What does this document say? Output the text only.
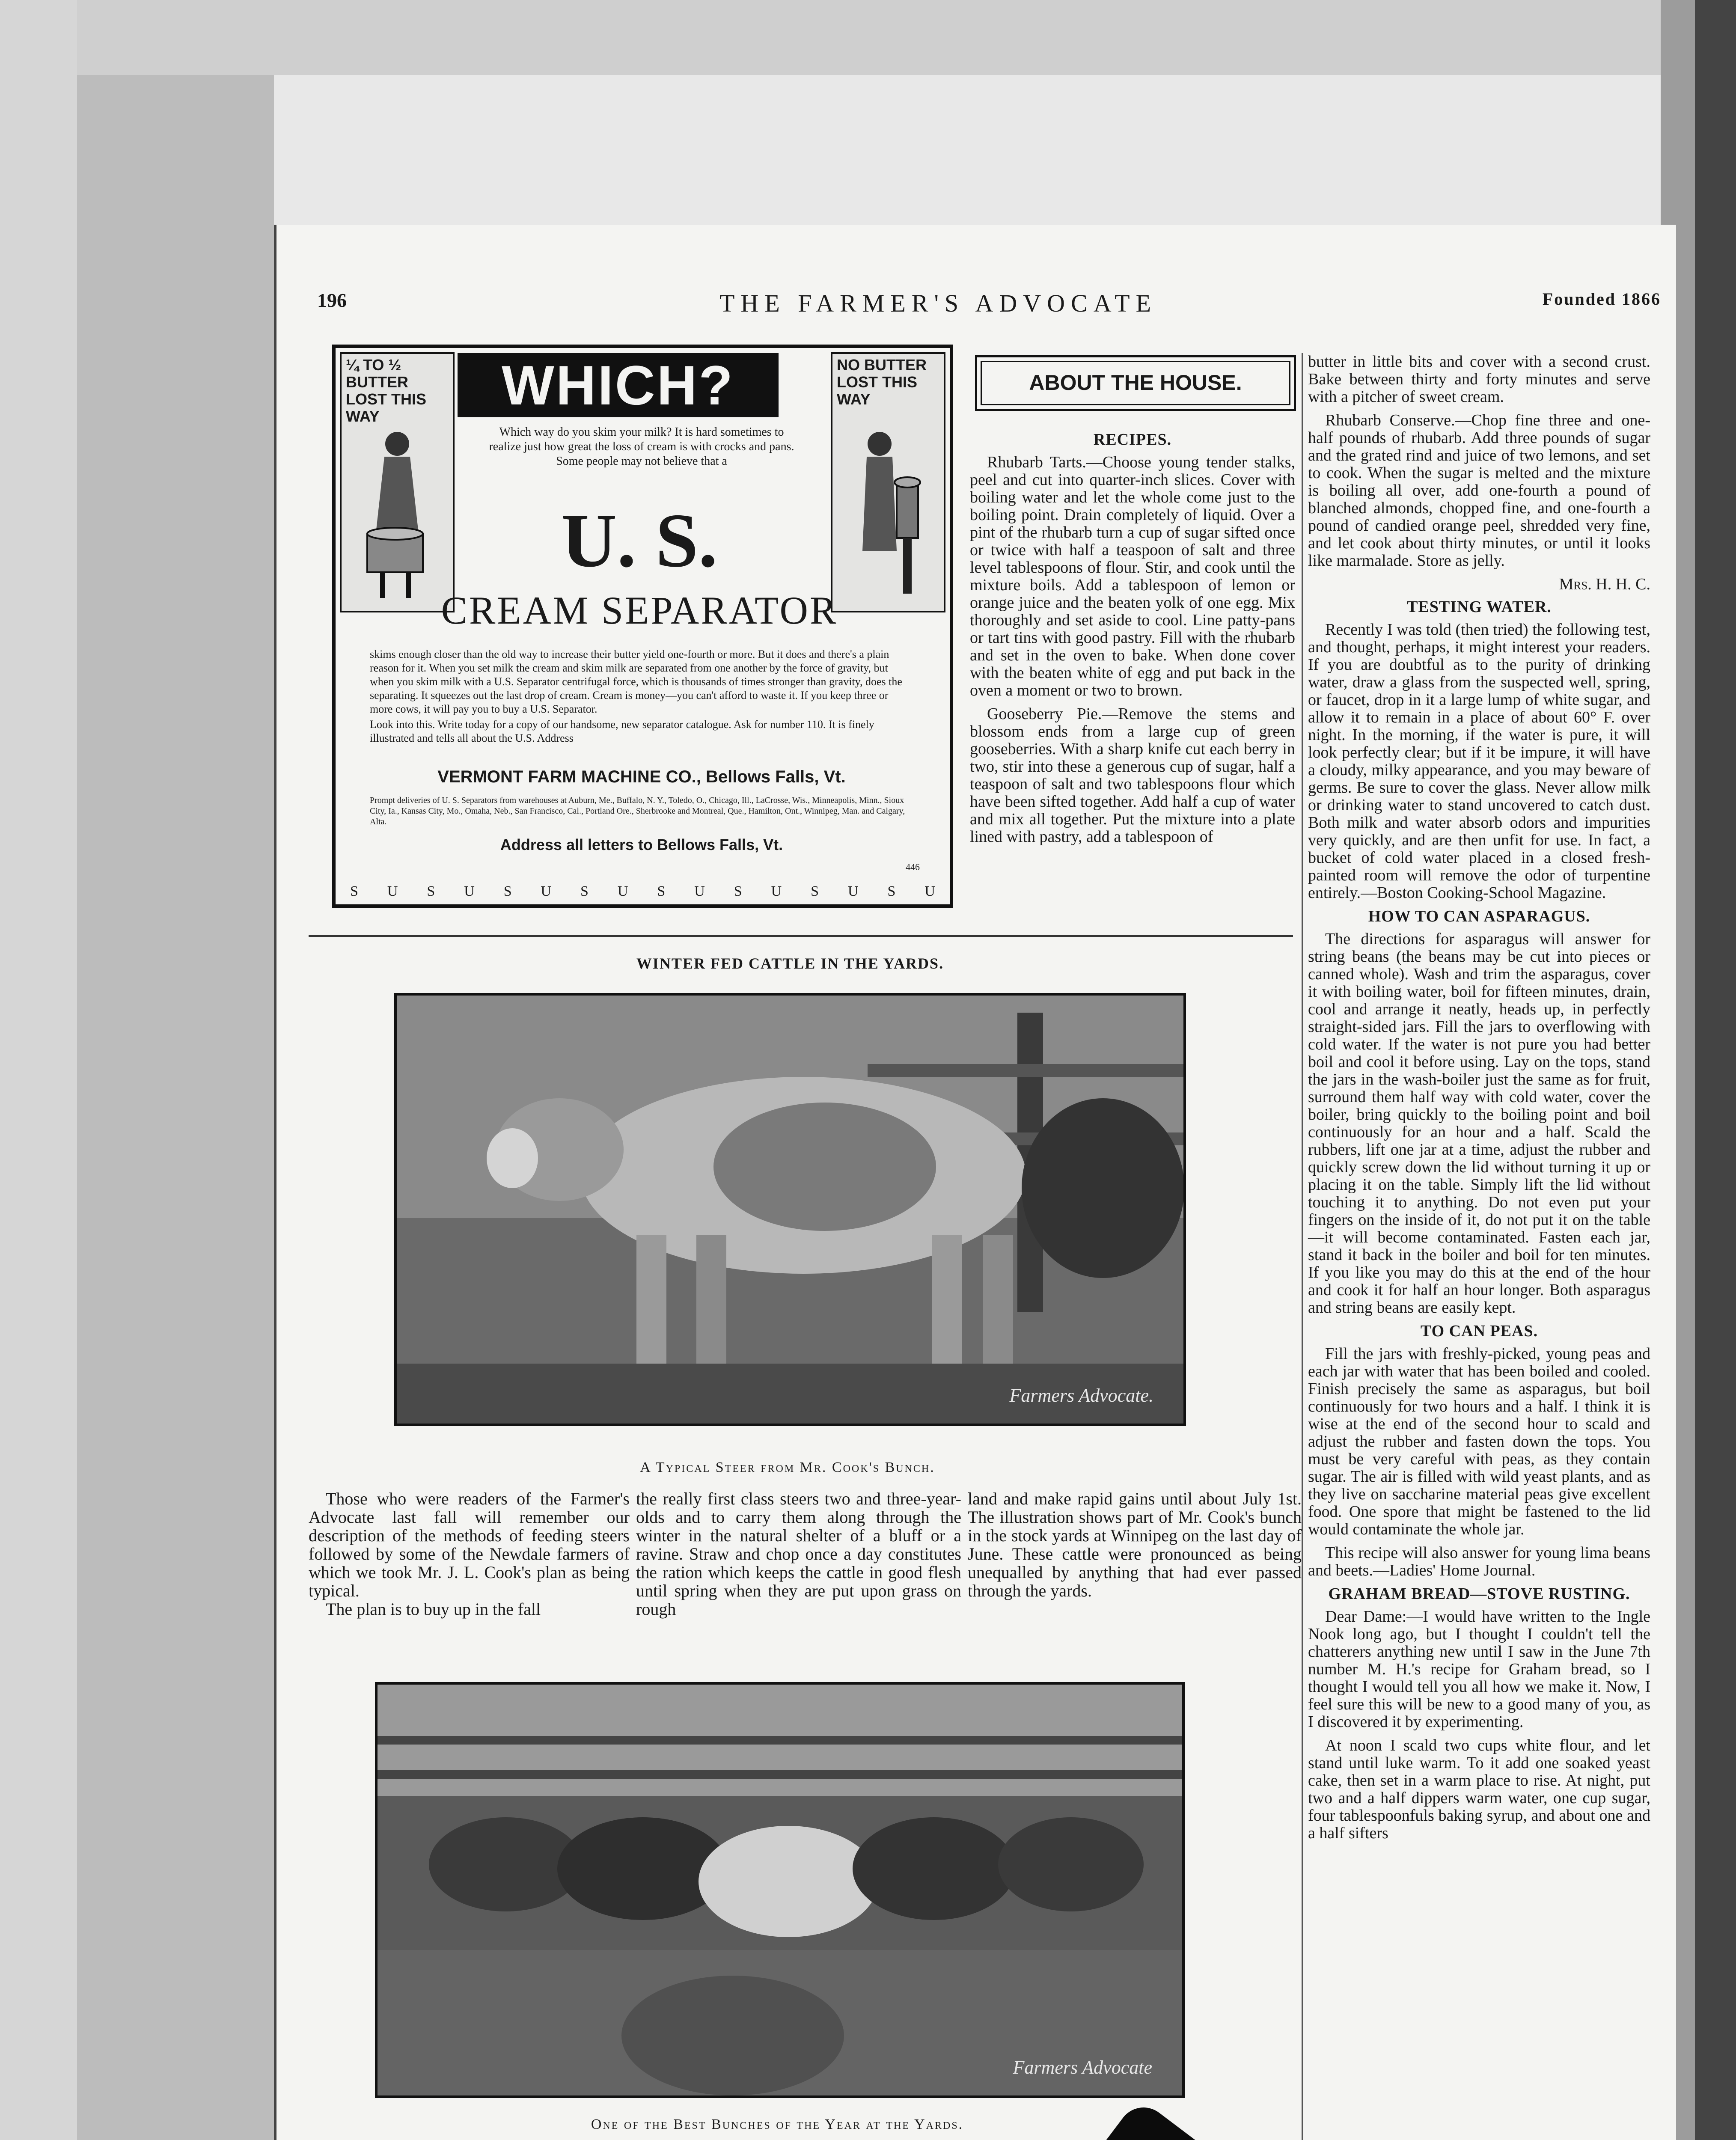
196	THE FARMER'S ADVOCATE	Founded 1866
¼ TO ½ BUTTER LOST THIS WAY	WHICH?	NO BUTTER LOST THIS WAY
Which way do you skim your milk? It is hard sometimes to realize just how great the loss of cream is with crocks and pans. Some people may not believe that a
U. S.
CREAM SEPARATOR

skims enough closer than the old way to increase their butter yield one-fourth or more. But it does and there's a plain reason for it. When you set milk the cream and skim milk are separated from one another by the force of gravity, but when you skim milk with a U.S. Separator centrifugal force, which is thousands of times stronger than gravity, does the separating. It squeezes out the last drop of cream. Cream is money—you can't afford to waste it. If you keep three or more cows, it will pay you to buy a U.S. Separator.

Look into this. Write today for a copy of our handsome, new separator catalogue. Ask for number 110. It is finely illustrated and tells all about the U.S. Address

VERMONT FARM MACHINE CO., Bellows Falls, Vt.
Prompt deliveries of U. S. Separators from warehouses at Auburn, Me., Buffalo, N. Y., Toledo, O., Chicago, Ill., LaCrosse, Wis., Minneapolis, Minn., Sioux City, Ia., Kansas City, Mo., Omaha, Neb., San Francisco, Cal., Portland Ore., Sherbrooke and Montreal, Que., Hamilton, Ont., Winnipeg, Man. and Calgary, Alta.
Address all letters to Bellows Falls, Vt.
446
S U S U S U S U S U S U S U S U
ABOUT THE HOUSE.
RECIPES.

Rhubarb Tarts.—Choose young tender stalks, peel and cut into quarter-inch slices. Cover with boiling water and let the whole come just to the boiling point. Drain completely of liquid. Over a pint of the rhubarb turn a cup of sugar sifted once or twice with half a teaspoon of salt and three level tablespoons of flour. Stir, and cook until the mixture boils. Add a tablespoon of lemon or orange juice and the beaten yolk of one egg. Mix thoroughly and set aside to cool. Line patty-pans or tart tins with good pastry. Fill with the rhubarb and set in the oven to bake. When done cover with the beaten white of egg and put back in the oven a moment or two to brown.

Gooseberry Pie.—Remove the stems and blossom ends from a large cup of green gooseberries. With a sharp knife cut each berry in two, stir into these a generous cup of sugar, half a teaspoon of salt and two tablespoons flour which have been sifted together. Add half a cup of water and mix all together. Put the mixture into a plate lined with pastry, add a tablespoon of

butter in little bits and cover with a second crust. Bake between thirty and forty minutes and serve with a pitcher of sweet cream.

Rhubarb Conserve.—Chop fine three and one-half pounds of rhubarb. Add three pounds of sugar and the grated rind and juice of two lemons, and set to cook. When the sugar is melted and the mixture is boiling all over, add one-fourth a pound of blanched almonds, chopped fine, and one-fourth a pound of candied orange peel, shredded very fine, and let cook about thirty minutes, or until it looks like marmalade. Store as jelly.

Mrs. H. H. C.
TESTING WATER.

Recently I was told (then tried) the following test, and thought, perhaps, it might interest your readers. If you are doubtful as to the purity of drinking water, draw a glass from the suspected well, spring, or faucet, drop in it a large lump of white sugar, and allow it to remain in a place of about 60° F. over night. In the morning, if the water is pure, it will look perfectly clear; but if it be impure, it will have a cloudy, milky appearance, and you may beware of germs. Be sure to cover the glass. Never allow milk or drinking water to stand uncovered to catch dust. Both milk and water absorb odors and impurities very quickly, and are then unfit for use. In fact, a bucket of cold water placed in a closed fresh-painted room will remove the odor of turpentine entirely.—Boston Cooking-School Magazine.

HOW TO CAN ASPARAGUS.

The directions for asparagus will answer for string beans (the beans may be cut into pieces or canned whole). Wash and trim the asparagus, cover it with boiling water, boil for fifteen minutes, drain, cool and arrange it neatly, heads up, in perfectly straight-sided jars. Fill the jars to overflowing with cold water. If the water is not pure you had better boil and cool it before using. Lay on the tops, stand the jars in the wash-boiler just the same as for fruit, surround them half way with cold water, cover the boiler, bring quickly to the boiling point and boil continuously for an hour and a half. Scald the rubbers, lift one jar at a time, adjust the rubber and quickly screw down the lid without turning it up or placing it on the table. Simply lift the lid without touching it to anything. Do not even put your fingers on the inside of it, do not put it on the table—it will become contaminated. Fasten each jar, stand it back in the boiler and boil for ten minutes. If you like you may do this at the end of the hour and cook it for half an hour longer. Both asparagus and string beans are easily kept.

TO CAN PEAS.

Fill the jars with freshly-picked, young peas and each jar with water that has been boiled and cooled. Finish precisely the same as asparagus, but boil continuously for two hours and a half. I think it is wise at the end of the second hour to scald and adjust the rubber and fasten down the tops. You must be very careful with peas, as they contain sugar. The air is filled with wild yeast plants, and as they live on saccharine material peas give excellent food. One spore that might be fastened to the lid would contaminate the whole jar.

This recipe will also answer for young lima beans and beets.—Ladies' Home Journal.

GRAHAM BREAD—STOVE RUSTING.

Dear Dame:—I would have written to the Ingle Nook long ago, but I thought I couldn't tell the chatterers anything new until I saw in the June 7th number M. H.'s recipe for Graham bread, so I thought I would tell you all how we make it. Now, I feel sure this will be new to a good many of you, as I discovered it by experimenting.

At noon I scald two cups white flour, and let stand until luke warm. To it add one soaked yeast cake, then set in a warm place to rise. At night, put two and a half dippers warm water, one cup sugar, four tablespoonfuls baking syrup, and about one and a half sifters

WINTER FED CATTLE IN THE YARDS.
Farmers Advocate.
A Typical Steer from Mr. Cook's Bunch.

Those who were readers of the Farmer's Advocate last fall will remember our description of the methods of feeding steers followed by some of the Newdale farmers of which we took Mr. J. L. Cook's plan as being typical.

The plan is to buy up in the fall

the really first class steers two and three-year-olds and to carry them along through the winter in the natural shelter of a bluff or a ravine. Straw and chop once a day constitutes the ration which keeps the cattle in good flesh until spring when they are put upon grass on rough

land and make rapid gains until about July 1st. The illustration shows part of Mr. Cook's bunch in the stock yards at Winnipeg on the last day of June. These cattle were pronounced as being unequalled by anything that had ever passed through the yards.

Farmers Advocate
One of the Best Bunches of the Year at the Yards.
